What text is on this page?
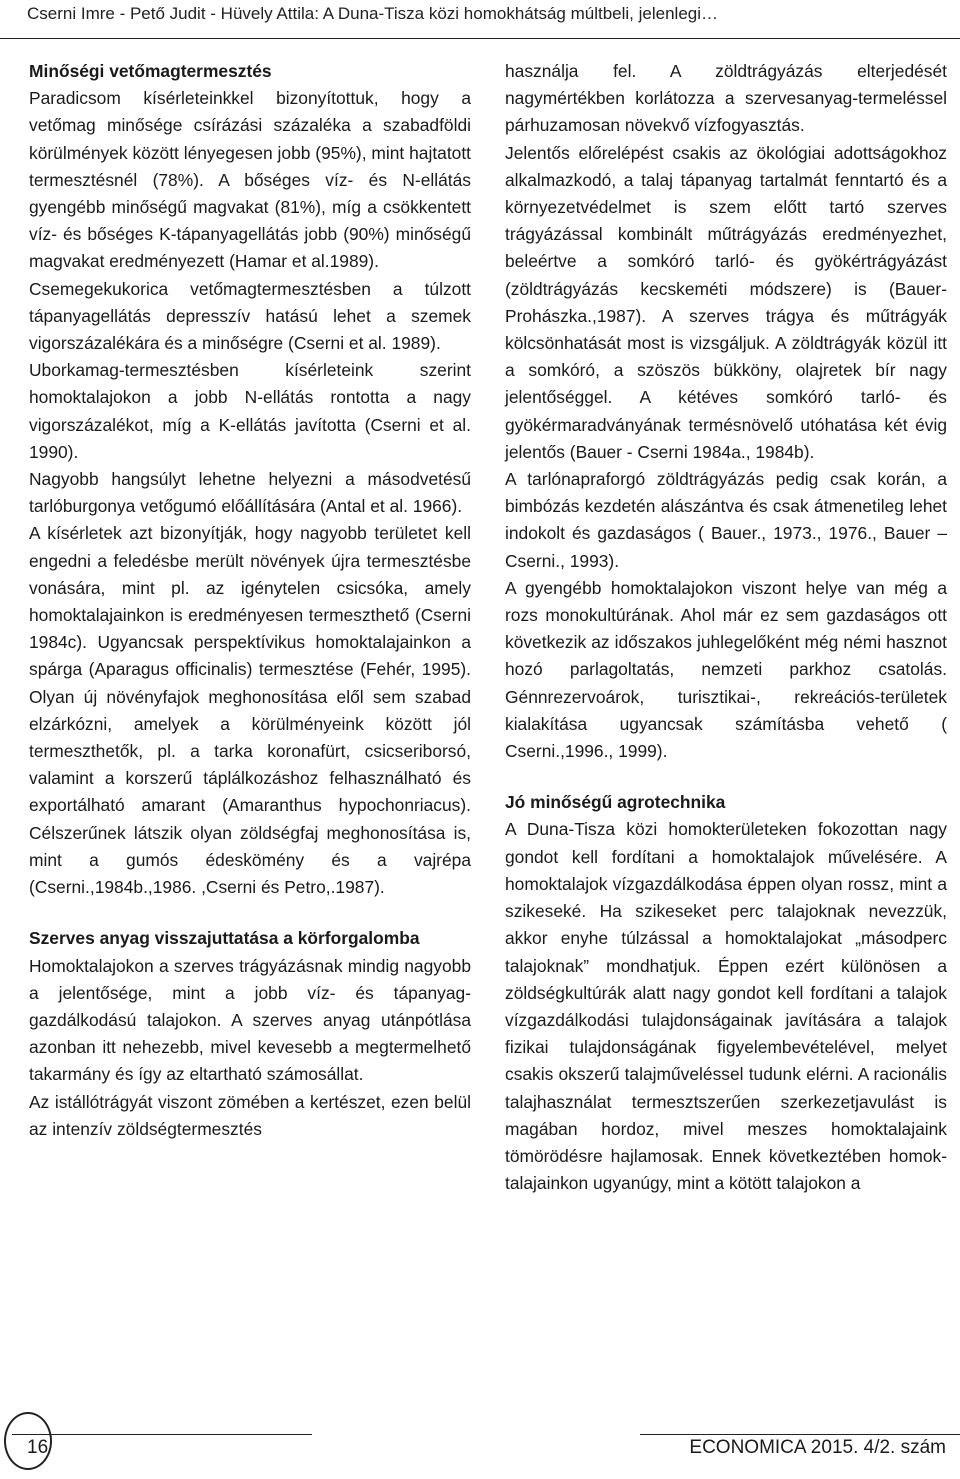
Cserni Imre - Pető Judit - Hüvely Attila: A Duna-Tisza közi homokhátság múltbeli, jelenlegi…
Minőségi vetőmagtermesztés

Paradicsom kísérleteinkkel bizonyítottuk, hogy a vetőmag minősége csírázási százaléka a szabadföldi körülmények között lényegesen jobb (95%), mint hajtatott termesztésnél (78%). A bőséges víz- és N-ellátás gyengébb minőségű magvakat (81%), míg a csökkentett víz- és bőséges K-tápanyagellátás jobb (90%) minőségű magvakat eredményezett (Hamar et al.1989).

Csemegekukorica vetőmagtermesztésben a túlzott tápanyagellátás depresszív hatású lehet a szemek vigorszázalékára és a minőségre (Cserni et al. 1989).

Uborkamag-termesztésben kísérleteink szerint homoktalajokon a jobb N-ellátás rontotta a nagy vigorszázalékot, míg a K-ellátás javította (Cserni et al. 1990).

Nagyobb hangsúlyt lehetne helyezni a másodvetésű tarlóburgonya vetőgumó előállítására (Antal et al. 1966).

A kísérletek azt bizonyítják, hogy nagyobb területet kell engedni a feledésbe merült növények újra termesztésbe vonására, mint pl. az igénytelen csicsóka, amely homoktalajainkon is eredményesen termeszthető (Cserni 1984c). Ugyancsak perspektívikus homoktalajainkon a spárga (Aparagus officinalis) termesztése (Fehér, 1995). Olyan új növényfajok meghonosítása elől sem szabad elzárkózni, amelyek a körülményeink között jól termeszthetők, pl. a tarka koronafürt, csicseriborsó, valamint a korszerű táplálkozáshoz felhasználható és exportálható amarant (Amaranthus hypochonriacus). Célszerűnek látszik olyan zöldségfaj meghonosítása is, mint a gumós édeskömény és a vajrépa (Cserni.,1984b.,1986. ,Cserni és Petro,.1987).

Szerves anyag visszajuttatása a körforgalomba

Homoktalajokon a szerves trágyázásnak mindig nagyobb a jelentősége, mint a jobb víz- és tápanyag-gazdálkodású talajokon. A szerves anyag utánpótlása azonban itt nehezebb, mivel kevesebb a megtermelhető takarmány és így az eltartható számosállat.

Az istállótrágyát viszont zömében a kertészet, ezen belül az intenzív zöldségtermesztés

használja fel. A zöldtrágyázás elterjedését nagymértékben korlátozza a szervesanyag-termeléssel párhuzamosan növekvő vízfogyasztás.

Jelentős előrelépést csakis az ökológiai adottságokhoz alkalmazkodó, a talaj tápanyag tartalmát fenntartó és a környezetvédelmet is szem előtt tartó szerves trágyázással kombinált műtrágyázás eredményezhet, beleértve a somkóró tarló- és gyökértrágyázást (zöldtrágyázás kecskeméti módszere) is (Bauer-Prohászka.,1987). A szerves trágya és műtrágyák kölcsönhatását most is vizsgáljuk. A zöldtrágyák közül itt a somkóró, a szöszös bükköny, olajretek bír nagy jelentőséggel. A kétéves somkóró tarló- és gyökérmaradványának termésnövelő utóhatása két évig jelentős (Bauer - Cserni 1984a., 1984b).

A tarlónapraforgó zöldtrágyázás pedig csak korán, a bimbózás kezdetén alászántva és csak átmenetileg lehet indokolt és gazdaságos ( Bauer., 1973., 1976., Bauer – Cserni., 1993).

A gyengébb homoktalajokon viszont helye van még a rozs monokultúrának. Ahol már ez sem gazdaságos ott következik az időszakos juhlegelőként még némi hasznot hozó parlagoltatás, nemzeti parkhoz csatolás. Génnrezervoárok, turisztikai-, rekreációs-területek kialakítása ugyancsak számításba vehető ( Cserni.,1996., 1999).

Jó minőségű agrotechnika

A Duna-Tisza közi homokterületeken fokozottan nagy gondot kell fordítani a homoktalajok művelésére. A homoktalajok vízgazdálkodása éppen olyan rossz, mint a szikeseké. Ha szikeseket perc talajoknak nevezzük, akkor enyhe túlzással a homoktalajokat „másodperc talajoknak” mondhatjuk. Éppen ezért különösen a zöldségkultúrák alatt nagy gondot kell fordítani a talajok vízgazdálkodási tulajdonságainak javítására a talajok fizikai tulajdonságának figyelembevételével, melyet csakis okszerű talajműveléssel tudunk elérni. A racionális talajhasználat termesztszerűen szerkezetjavulást is magában hordoz, mivel meszes homoktalajaink tömörödésre hajlamosak. Ennek következtében homok-talajainkon ugyanúgy, mint a kötött talajokon a

16	ECONOMICA 2015. 4/2. szám
